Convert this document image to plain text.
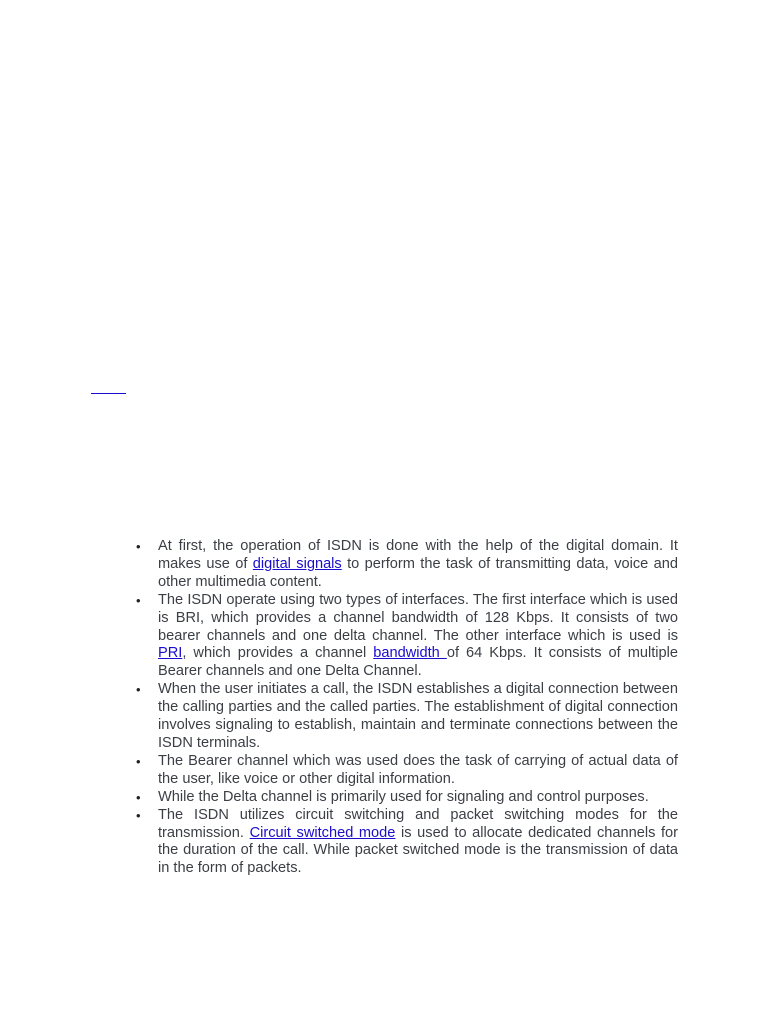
• At first, the operation of ISDN is done with the help of the digital domain. It makes use of digital signals to perform the task of transmitting data, voice and other multimedia content.
• The ISDN operate using two types of interfaces. The first interface which is used is BRI, which provides a channel bandwidth of 128 Kbps. It consists of two bearer channels and one delta channel. The other interface which is used is PRI, which provides a channel bandwidth of 64 Kbps. It consists of multiple Bearer channels and one Delta Channel.
• When the user initiates a call, the ISDN establishes a digital connection between the calling parties and the called parties. The establishment of digital connection involves signaling to establish, maintain and terminate connections between the ISDN terminals.
• The Bearer channel which was used does the task of carrying of actual data of the user, like voice or other digital information.
• While the Delta channel is primarily used for signaling and control purposes.
• The ISDN utilizes circuit switching and packet switching modes for the transmission. Circuit switched mode is used to allocate dedicated channels for the duration of the call. While packet switched mode is the transmission of data in the form of packets.
